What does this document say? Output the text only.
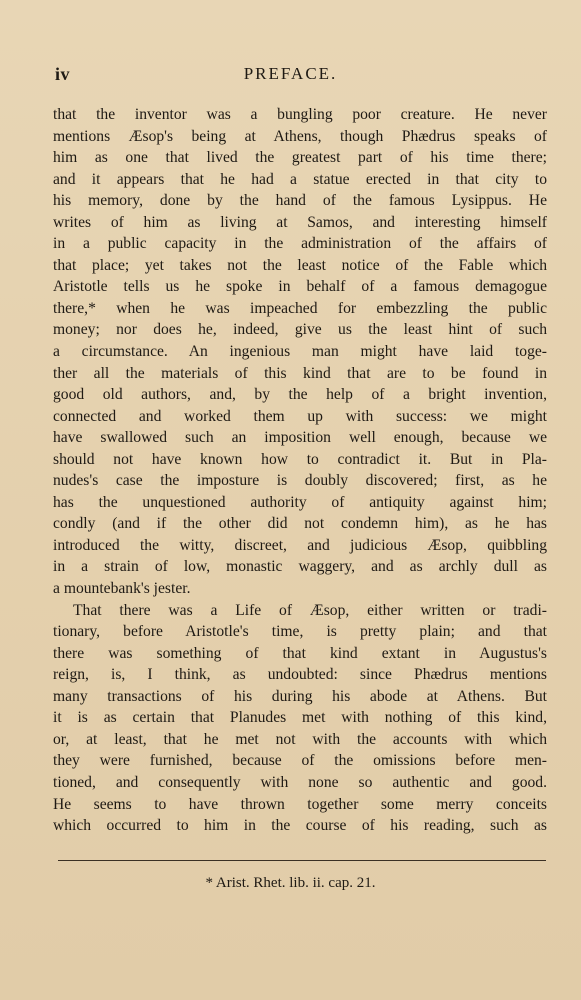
iv	PREFACE.
that the inventor was a bungling poor creature. He never
mentions Æsop's being at Athens, though Phædrus speaks of
him as one that lived the greatest part of his time there;
and it appears that he had a statue erected in that city to
his memory, done by the hand of the famous Lysippus. He
writes of him as living at Samos, and interesting himself
in a public capacity in the administration of the affairs of
that place; yet takes not the least notice of the Fable which
Aristotle tells us he spoke in behalf of a famous demagogue
there,* when he was impeached for embezzling the public
money; nor does he, indeed, give us the least hint of such
a circumstance. An ingenious man might have laid toge-
ther all the materials of this kind that are to be found in
good old authors, and, by the help of a bright invention,
connected and worked them up with success: we might
have swallowed such an imposition well enough, because we
should not have known how to contradict it. But in Pla-
nudes's case the imposture is doubly discovered; first, as he
has the unquestioned authority of antiquity against him;
condly (and if the other did not condemn him), as he has
introduced the witty, discreet, and judicious Æsop, quibbling
in a strain of low, monastic waggery, and as archly dull as
a mountebank's jester.
That there was a Life of Æsop, either written or tradi-
tionary, before Aristotle's time, is pretty plain; and that
there was something of that kind extant in Augustus's
reign, is, I think, as undoubted: since Phædrus mentions
many transactions of his during his abode at Athens. But
it is as certain that Planudes met with nothing of this kind,
or, at least, that he met not with the accounts with which
they were furnished, because of the omissions before men-
tioned, and consequently with none so authentic and good.
He seems to have thrown together some merry conceits
which occurred to him in the course of his reading, such as
* Arist. Rhet. lib. ii. cap. 21.
